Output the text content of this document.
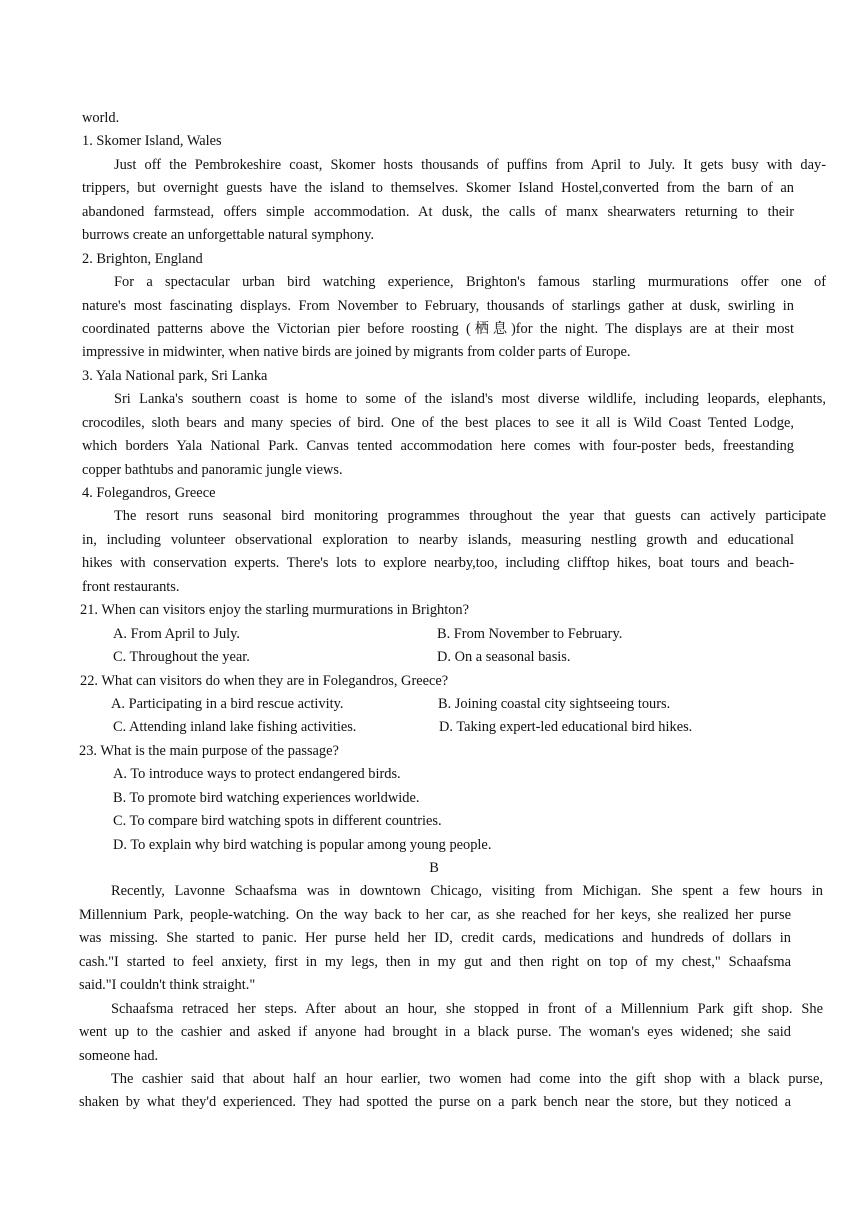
world.
1. Skomer Island, Wales
Just off the Pembrokeshire coast, Skomer hosts thousands of puffins from April to July. It gets busy with day-
trippers, but overnight guests have the island to themselves. Skomer Island Hostel,converted from the barn of an
abandoned farmstead, offers simple accommodation. At dusk, the calls of manx shearwaters returning to their
burrows create an unforgettable natural symphony.
2. Brighton, England
For a spectacular urban bird watching experience, Brighton's famous starling murmurations offer one of
nature's most fascinating displays. From November to February, thousands of starlings gather at dusk, swirling in
coordinated patterns above the Victorian pier before roosting (栖息)for the night. The displays are at their most
impressive in midwinter, when native birds are joined by migrants from colder parts of Europe.
3. Yala National park, Sri Lanka
Sri Lanka's southern coast is home to some of the island's most diverse wildlife, including leopards, elephants,
crocodiles, sloth bears and many species of bird. One of the best places to see it all is Wild Coast Tented Lodge,
which borders Yala National Park. Canvas tented accommodation here comes with four-poster beds, freestanding
copper bathtubs and panoramic jungle views.
4. Folegandros, Greece
The resort runs seasonal bird monitoring programmes throughout the year that guests can actively participate
in, including volunteer observational exploration to nearby islands, measuring nestling growth and educational
hikes with conservation experts. There's lots to explore nearby,too, including clifftop hikes, boat tours and beach-
front restaurants.
21. When can visitors enjoy the starling murmurations in Brighton?
A. From April to July.	B. From November to February.
C. Throughout the year.	D. On a seasonal basis.
22. What can visitors do when they are in Folegandros, Greece?
A. Participating in a bird rescue activity.	B. Joining coastal city sightseeing tours.
C. Attending inland lake fishing activities.	D. Taking expert-led educational bird hikes.
23. What is the main purpose of the passage?
A. To introduce ways to protect endangered birds.
B. To promote bird watching experiences worldwide.
C. To compare bird watching spots in different countries.
D. To explain why bird watching is popular among young people.
B
Recently, Lavonne Schaafsma was in downtown Chicago, visiting from Michigan. She spent a few hours in
Millennium Park, people-watching. On the way back to her car, as she reached for her keys, she realized her purse
was missing. She started to panic. Her purse held her ID, credit cards, medications and hundreds of dollars in
cash."I started to feel anxiety, first in my legs, then in my gut and then right on top of my chest," Schaafsma
said."I couldn't think straight."
Schaafsma retraced her steps. After about an hour, she stopped in front of a Millennium Park gift shop. She
went up to the cashier and asked if anyone had brought in a black purse. The woman's eyes widened; she said
someone had.
The cashier said that about half an hour earlier, two women had come into the gift shop with a black purse,
shaken by what they'd experienced. They had spotted the purse on a park bench near the store, but they noticed a
